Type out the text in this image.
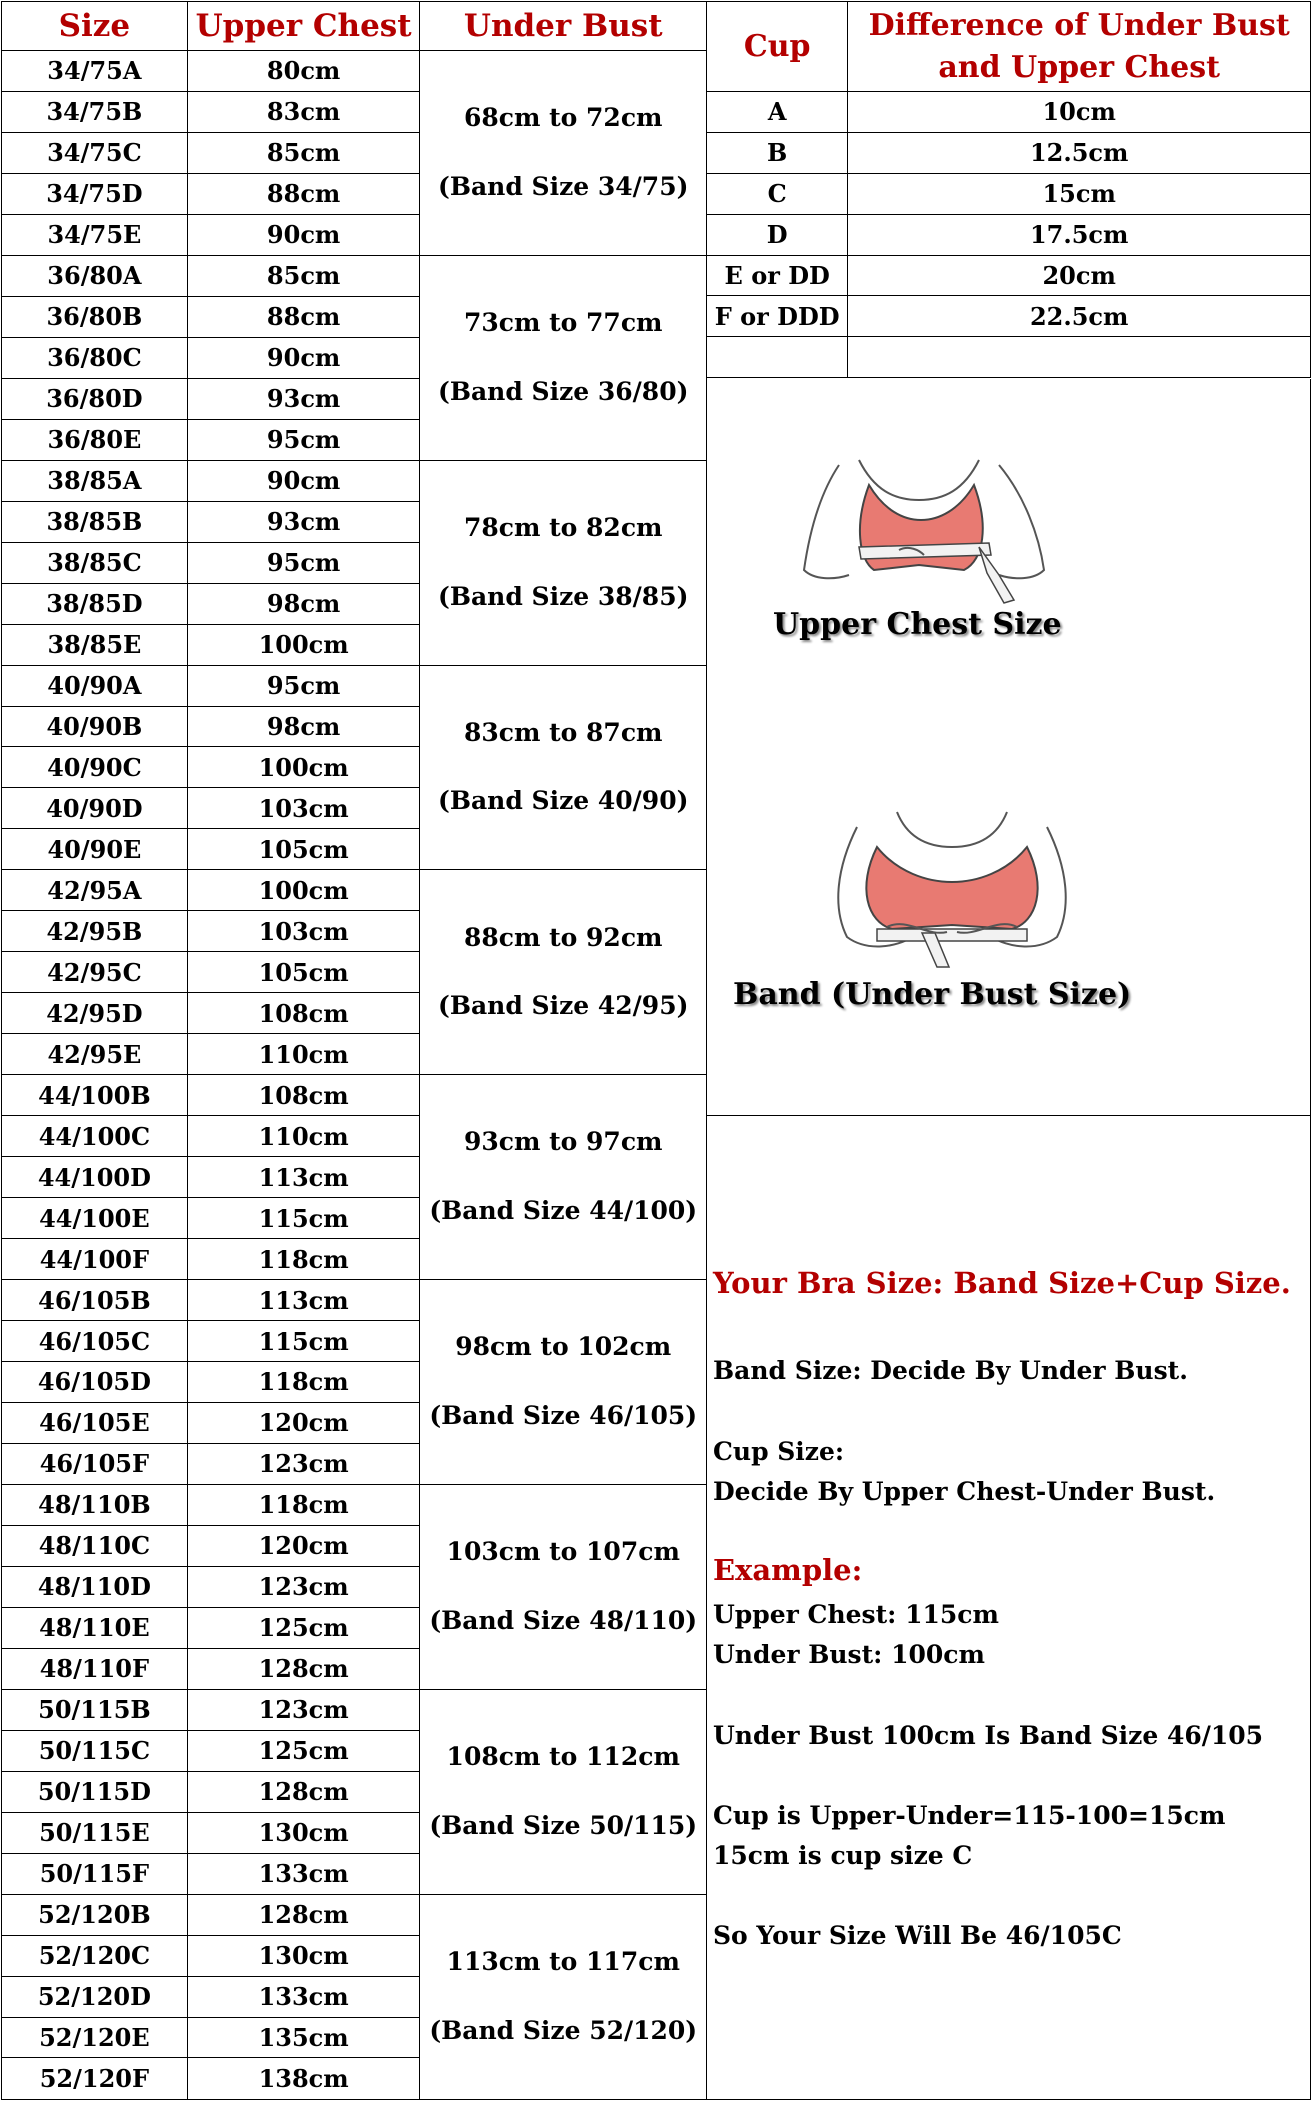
Size	Upper Chest	Under Bust
34/75A	80cm	68cm to 72cm
(Band Size 34/75)
34/75B	83cm	
34/75C	85cm	
34/75D	88cm	
34/75E	90cm	
36/80A	85cm	73cm to 77cm
(Band Size 36/80)
36/80B	88cm	
36/80C	90cm	
36/80D	93cm	
36/80E	95cm	
38/85A	90cm	78cm to 82cm
(Band Size 38/85)
38/85B	93cm	
38/85C	95cm	
38/85D	98cm	
38/85E	100cm	
40/90A	95cm	83cm to 87cm
(Band Size 40/90)
40/90B	98cm	
40/90C	100cm	
40/90D	103cm	
40/90E	105cm	
42/95A	100cm	88cm to 92cm
(Band Size 42/95)
42/95B	103cm	
42/95C	105cm	
42/95D	108cm	
42/95E	110cm	
44/100B	108cm	93cm to 97cm
(Band Size 44/100)
44/100C	110cm	
44/100D	113cm	
44/100E	115cm	
44/100F	118cm	
46/105B	113cm	98cm to 102cm
(Band Size 46/105)
46/105C	115cm	
46/105D	118cm	
46/105E	120cm	
46/105F	123cm	
48/110B	118cm	103cm to 107cm
(Band Size 48/110)
48/110C	120cm	
48/110D	123cm	
48/110E	125cm	
48/110F	128cm	
50/115B	123cm	108cm to 112cm
(Band Size 50/115)
50/115C	125cm	
50/115D	128cm	
50/115E	130cm	
50/115F	133cm	
52/120B	128cm	113cm to 117cm
(Band Size 52/120)
52/120C	130cm	
52/120D	133cm	
52/120E	135cm	
52/120F	138cm	
Cup	Difference of Under Bust
and Upper Chest
A	10cm
B	12.5cm
C	15cm
D	17.5cm
E or DD	20cm
F or DDD	22.5cm

Upper Chest Size
Band (Under Bust Size)
Your Bra Size: Band Size+Cup Size.
Band Size: Decide By Under Bust.
Cup Size:
Decide By Upper Chest-Under Bust.
Example:
Upper Chest: 115cm
Under Bust: 100cm
Under Bust 100cm Is Band Size 46/105
Cup is Upper-Under=115-100=15cm
15cm is cup size C
So Your Size Will Be 46/105C
